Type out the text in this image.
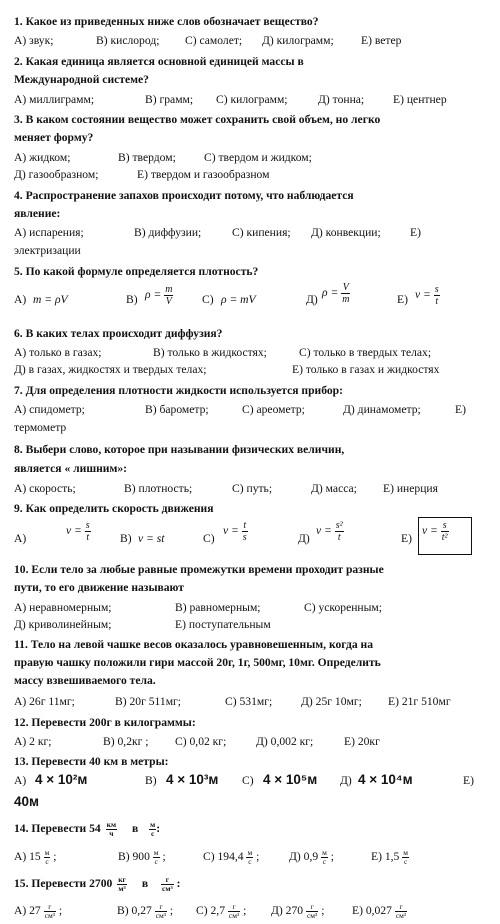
1. Какое из приведенных ниже слов обозначает вещество?
А) звук;	В) кислород; С) самолет; Д) килограмм; Е) ветер
2. Какая единица является основной единицей массы в
Международной системе?
А) миллиграмм;	В) грамм; С) килограмм;	Д) тонна; Е) центнер
3. В каком состоянии вещество может сохранить свой объем, но легко
меняет форму?
А) жидком;	В) твердом; С) твердом и жидком;
Д) газообразном;	Е) твердом и газообразном
4. Распространение запахов происходит потому, что наблюдается
явление:
А) испарения;	В) диффузии;	С) кипения; Д) конвекции;	Е)
электризации
5. По какой формуле определяется плотность?
А) m = ρV	В) $\rho = \frac{m}{V} С$) ρ = mV	Д)
$\rho = \frac{V}{m}$	Е) $v = \frac{s}{t}$
6. В каких телах происходит диффузия?
А) только в газах;	В) только в жидкостях;	С) только в твердых телах;
Д) в газах, жидкостях и твердых телах;	Е) только в газах и жидкостях
7. Для определения плотности жидкости используется прибор:
А) спидометр;	В) барометр;	С) ареометр;	Д) динамометр;	Е)
термометр
8. Выбери слово, которое при назывании физических величин,
является « лишним»:
А) скорость;	В) плотность;	С) путь;	Д) масса; Е) инерция
9. Как определить скорость движения
А)
$v = \frac{s}{t}$	В) v = st	С)
$v = \frac{t}{s}$	Д)
$v = \frac{\text{s²}}{t}$	Е)
$v = \frac{s}{\text{t²}}$
10. Если тело за любые равные промежутки времени проходит разные
пути, то его движение называют
А) неравномерным;	В) равномерным;	С) ускоренным;
Д) криволинейным;	Е) поступательным
11. Тело на левой чашке весов оказалось уравновешенным, когда на
правую чашку положили гири массой 20г, 1г, 500мг, 10мг. Определить
массу взвешиваемого тела.
А) 26г 11мг;	В) 20г 511мг;	С) 531мг; Д) 25г 10мг; Е) 21г 510мг
12. Перевести 200г в килограммы:
А) 2 кг;	В) 0,2кг ; С) 0,02 кг;	Д) 0,002 кг;	Е) 20кг
13. Перевести 40 км в метры:
А) 4 × 10²м	В) 4 × 10³м С) 4 × 10⁵м Д) 4 × 10⁴м	Е)
40м
14. Перевести 54 км
ч	в м
с :
А) 15 м
с ;	В) 900 м
с ;	С) 194,4 м
с ;	Д) 0,9 м
с ;	Е) 1,5 м
с
15. Перевести 2700 кг
м³ в	г
см³ :
А) 27	г
см³ ;	В) 0,27	г
см³ ; С) 2,7	г
см³ ; Д) 270	г
см³ ; Е) 0,027	г
см³
